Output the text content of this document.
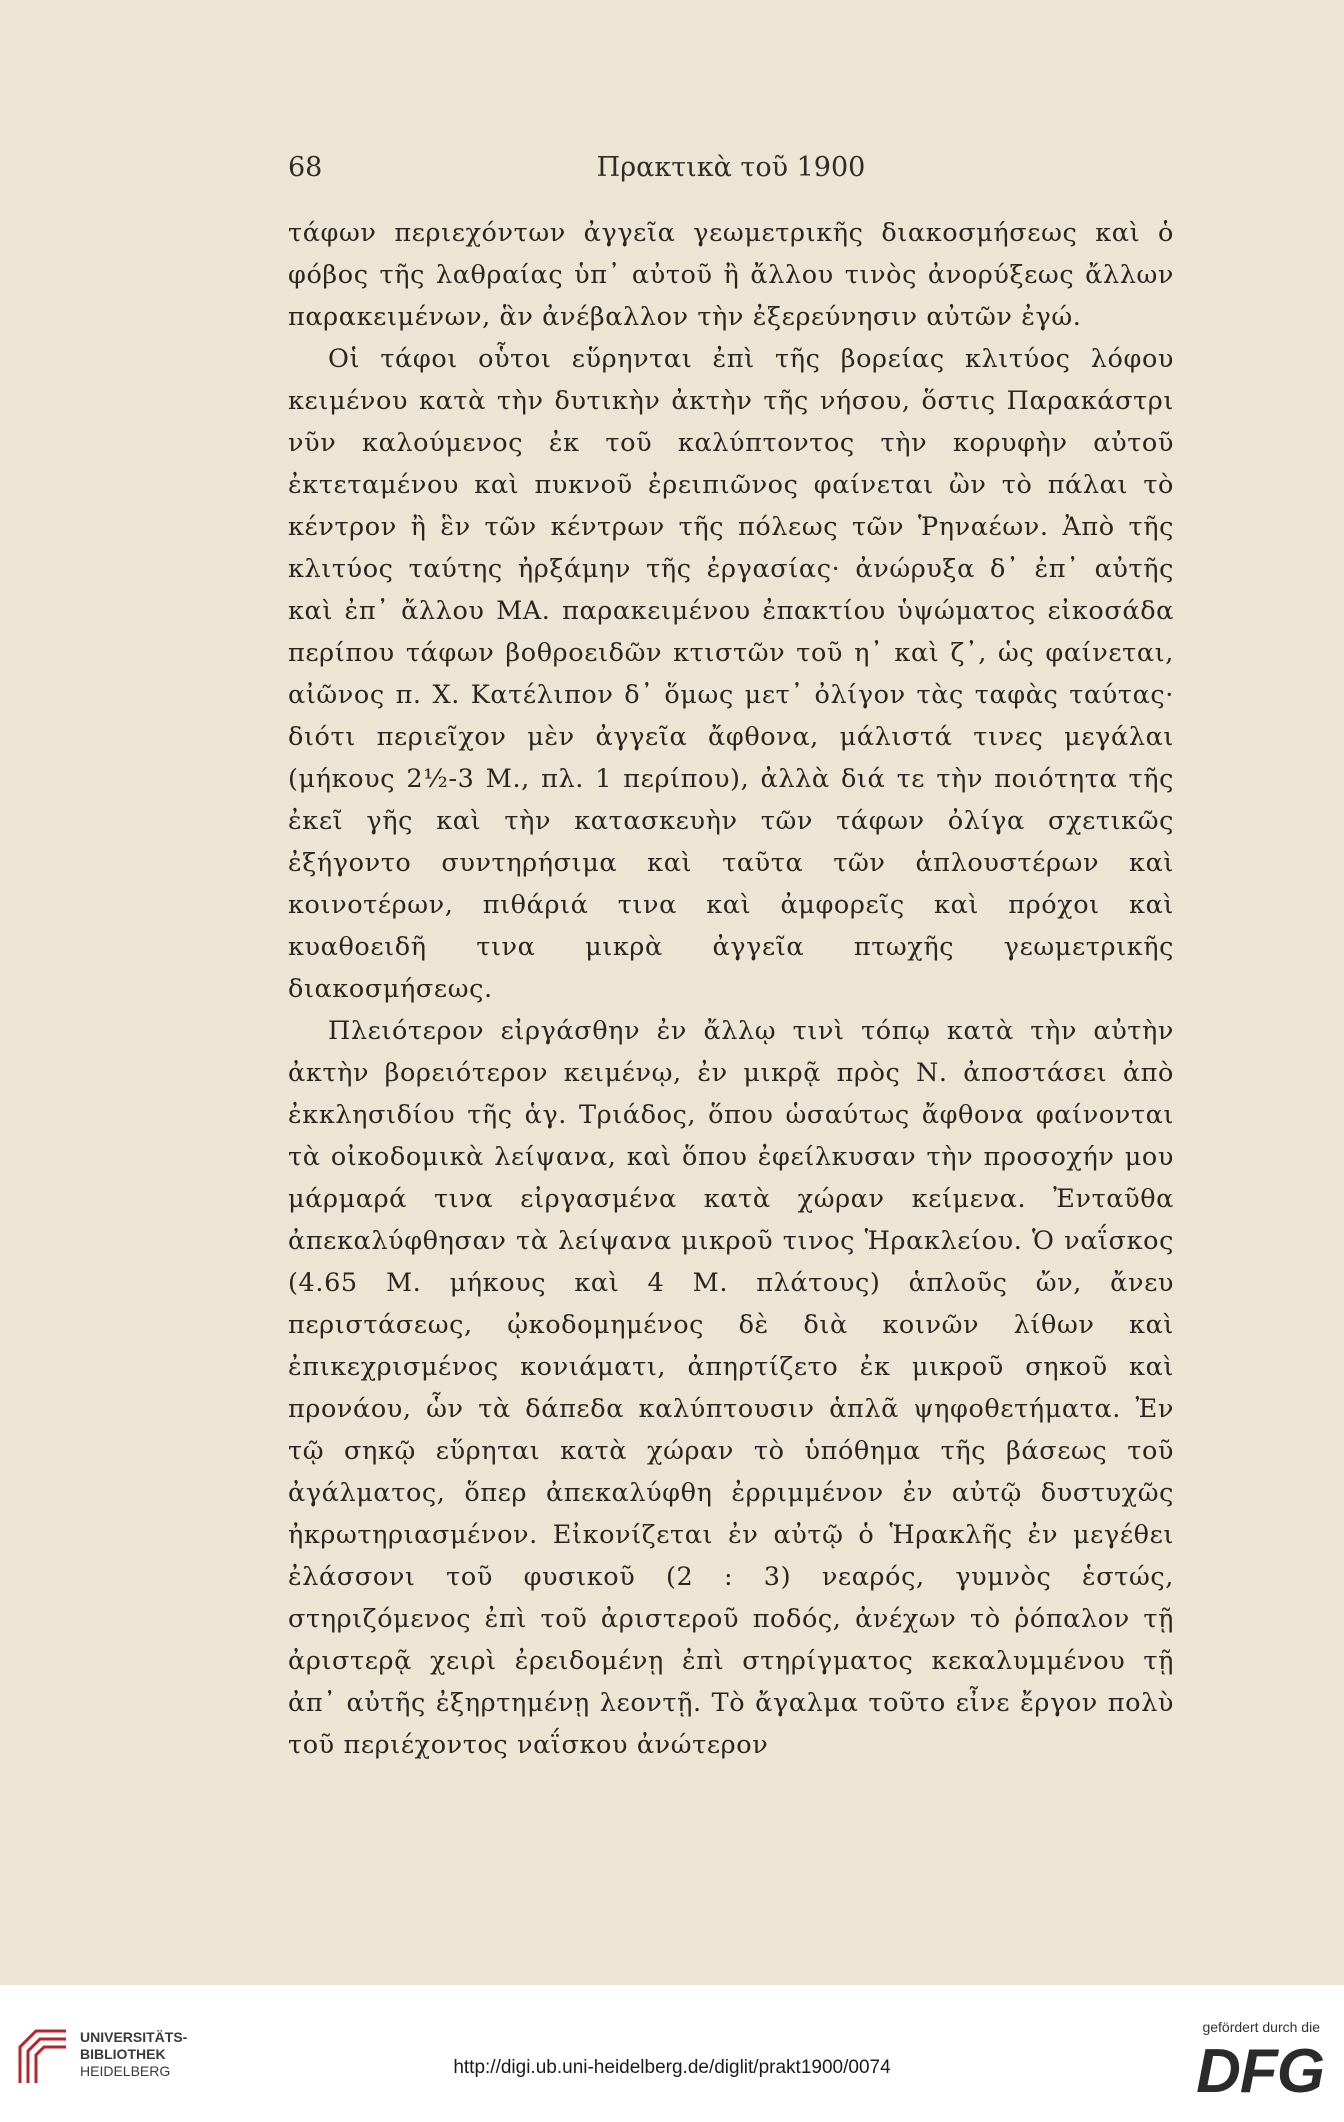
68	Πρακτικὰ τοῦ 1900

τάφων περιεχόντων ἀγγεῖα γεωμετρικῆς διακοσμήσεως καὶ ὁ φόβος τῆς λαθραίας ὑπ᾽ αὐτοῦ ἢ ἄλλου τινὸς ἀνορύξεως ἄλλων παρακειμένων, ἃν ἀνέβαλλον τὴν ἐξερεύνησιν αὐτῶν ἐγώ.

Οἱ τάφοι οὗτοι εὕρηνται ἐπὶ τῆς βορείας κλιτύος λόφου κειμένου κατὰ τὴν δυτικὴν ἀκτὴν τῆς νήσου, ὅστις Παρακάστρι νῦν καλούμενος ἐκ τοῦ καλύπτοντος τὴν κορυφὴν αὐτοῦ ἐκτεταμένου καὶ πυκνοῦ ἐρειπιῶνος φαίνεται ὢν τὸ πάλαι τὸ κέντρον ἢ ἓν τῶν κέντρων τῆς πόλεως τῶν Ῥηναέων. Ἀπὸ τῆς κλιτύος ταύτης ἠρξάμην τῆς ἐργασίας· ἀνώρυξα δ᾽ ἐπ᾽ αὐτῆς καὶ ἐπ᾽ ἄλλου ΜΑ. παρακειμένου ἐπακτίου ὑψώματος εἰκοσάδα περίπου τάφων βοθροειδῶν κτιστῶν τοῦ η᾽ καὶ ζ᾽, ὡς φαίνεται, αἰῶνος π. Χ. Κατέλιπον δ᾽ ὅμως μετ᾽ ὀλίγον τὰς ταφὰς ταύτας· διότι περιεῖχον μὲν ἀγγεῖα ἄφθονα, μάλιστά τινες μεγάλαι (μήκους 2½-3 Μ., πλ. 1 περίπου), ἀλλὰ διά τε τὴν ποιότητα τῆς ἐκεῖ γῆς καὶ τὴν κατασκευὴν τῶν τάφων ὀλίγα σχετικῶς ἐξήγοντο συντηρήσιμα καὶ ταῦτα τῶν ἁπλουστέρων καὶ κοινοτέρων, πιθάριά τινα καὶ ἀμφορεῖς καὶ πρόχοι καὶ κυαθοειδῆ τινα μικρὰ ἀγγεῖα πτωχῆς γεωμετρικῆς διακοσμήσεως.

Πλειότερον εἰργάσθην ἐν ἄλλῳ τινὶ τόπῳ κατὰ τὴν αὐτὴν ἀκτὴν βορειότερον κειμένῳ, ἐν μικρᾷ πρὸς Ν. ἀποστάσει ἀπὸ ἐκκλησιδίου τῆς ἁγ. Τριάδος, ὅπου ὡσαύτως ἄφθονα φαίνονται τὰ οἰκοδομικὰ λείψανα, καὶ ὅπου ἐφείλκυσαν τὴν προσοχήν μου μάρμαρά τινα εἰργασμένα κατὰ χώραν κείμενα. Ἐνταῦθα ἀπεκαλύφθησαν τὰ λείψανα μικροῦ τινος Ἡρακλείου. Ὁ ναΐσκος (4.65 Μ. μήκους καὶ 4 Μ. πλάτους) ἁπλοῦς ὤν, ἄνευ περιστάσεως, ᾠκοδομημένος δὲ διὰ κοινῶν λίθων καὶ ἐπικεχρισμένος κονιάματι, ἀπηρτίζετο ἐκ μικροῦ σηκοῦ καὶ προνάου, ὧν τὰ δάπεδα καλύπτουσιν ἁπλᾶ ψηφοθετήματα. Ἐν τῷ σηκῷ εὕρηται κατὰ χώραν τὸ ὑπόθημα τῆς βάσεως τοῦ ἀγάλματος, ὅπερ ἀπεκαλύφθη ἐρριμμένον ἐν αὐτῷ δυστυχῶς ἠκρωτηριασμένον. Εἰκονίζεται ἐν αὐτῷ ὁ Ἡρακλῆς ἐν μεγέθει ἐλάσσονι τοῦ φυσικοῦ (2 : 3) νεαρός, γυμνὸς ἑστώς, στηριζόμενος ἐπὶ τοῦ ἀριστεροῦ ποδός, ἀνέχων τὸ ῥόπαλον τῇ ἀριστερᾷ χειρὶ ἐρειδομένῃ ἐπὶ στηρίγματος κεκαλυμμένου τῇ ἀπ᾽ αὐτῆς ἐξηρτημένῃ λεοντῇ. Τὸ ἄγαλμα τοῦτο εἶνε ἔργον πολὺ τοῦ περιέχοντος ναΐσκου ἀνώτερον

UNIVERSITÄTS-
BIBLIOTHEK
HEIDELBERG	http://digi.ub.uni-heidelberg.de/diglit/prakt1900/0074
gefördert durch die
DFG
